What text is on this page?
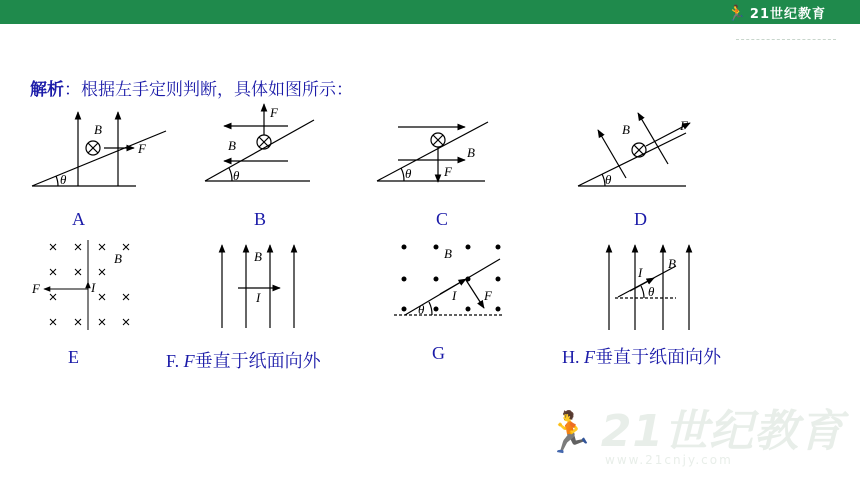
🏃 21世纪教育
解析：根据左手定则判断，具体如图所示：
B
F
θ
F
B
θ
B
F
θ
B	F
θ
B
I
F
B
I
B
I F
θ
B
I
θ
A	B	C	D
E	F. F垂直于纸面向外	G	H. F垂直于纸面向外
🏃 21世纪教育
www.21cnjy.com
